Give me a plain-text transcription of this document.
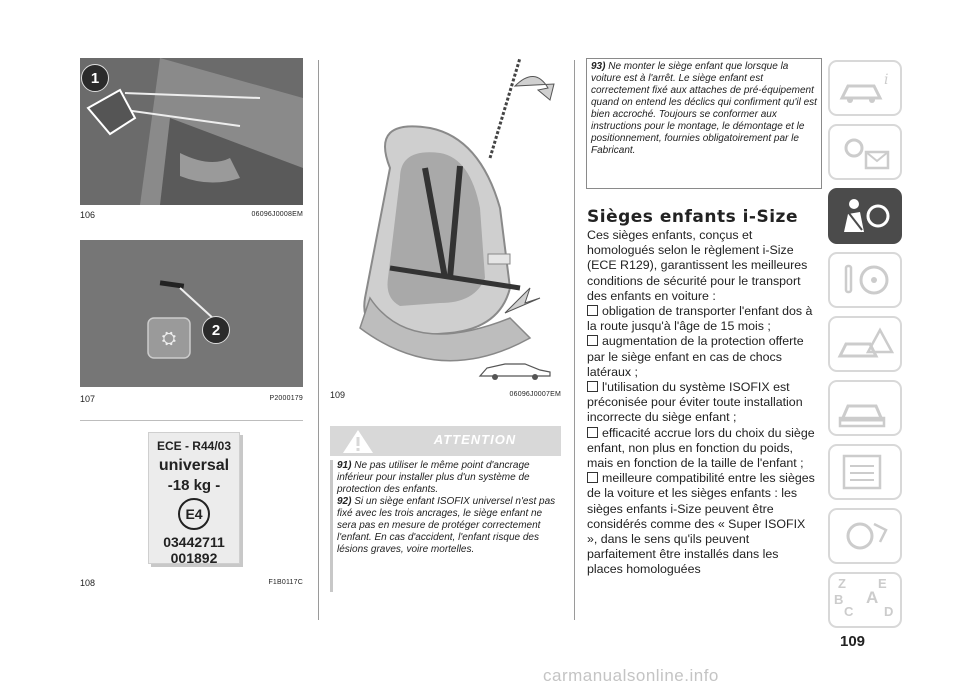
1
106	06096J0008EM
⛭	2
107	P2000179
ECE - R44/03
universal
-18 kg -
E4
03442711
001892
108	F1B0117C
109	06096J0007EM
ATTENTION
91) Ne pas utiliser le même point d'ancrage inférieur pour installer plus d'un système de protection des enfants.
92) Si un siège enfant ISOFIX universel n'est pas fixé avec les trois ancrages, le siège enfant ne sera pas en mesure de protéger correctement l'enfant. En cas d'accident, l'enfant risque des lésions graves, voire mortelles.
93) Ne monter le siège enfant que lorsque la voiture est à l'arrêt. Le siège enfant est correctement fixé aux attaches de pré-équipement quand on entend les déclics qui confirment qu'il est bien accroché. Toujours se conformer aux instructions pour le montage, le démontage et le positionnement, fournies obligatoirement par le Fabricant.
Sièges enfants i-Size

Ces sièges enfants, conçus et homologués selon le règlement i-Size (ECE R129), garantissent les meilleures conditions de sécurité pour le transport des enfants en voiture :

obligation de transporter l'enfant dos à la route jusqu'à l'âge de 15 mois ;

augmentation de la protection offerte par le siège enfant en cas de chocs latéraux ;

l'utilisation du système ISOFIX est préconisée pour éviter toute installation incorrecte du siège enfant ;

efficacité accrue lors du choix du siège enfant, non plus en fonction du poids, mais en fonction de la taille de l'enfant ;

meilleure compatibilité entre les sièges de la voiture et les sièges enfants : les sièges enfants i-Size peuvent être considérés comme des « Super ISOFIX », dans le sens qu'ils peuvent parfaitement être installés dans les places homologuées

i
Z E
B A
C D
109
carmanualsonline.info
